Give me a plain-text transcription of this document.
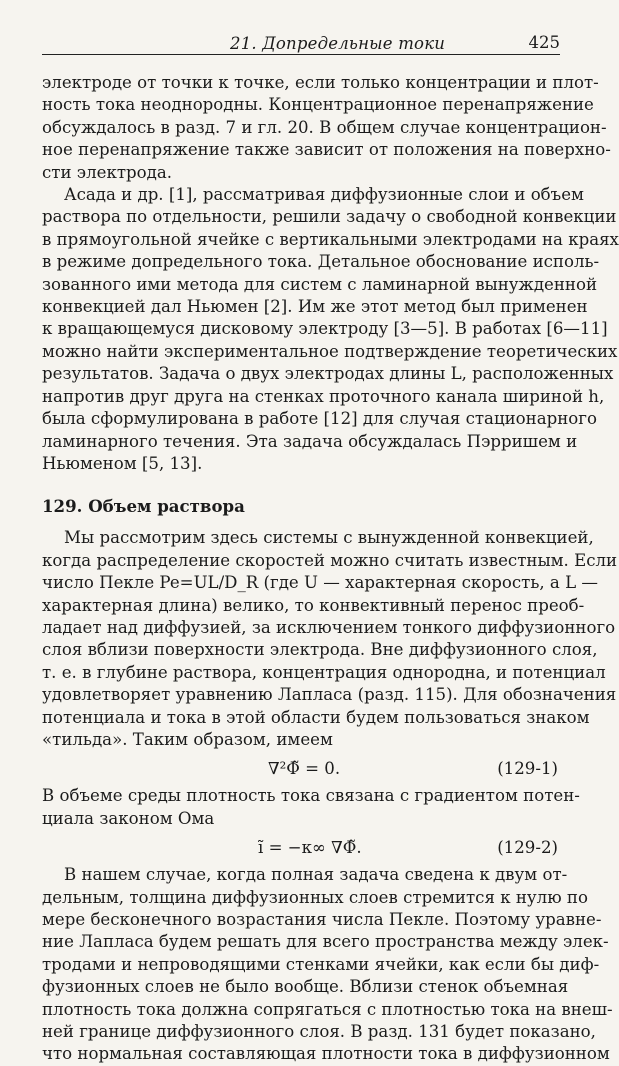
21. Допредельные токи	425
электроде от точки к точке, если только концентрации и плот-
ность тока неоднородны. Концентрационное перенапряжение
обсуждалось в разд. 7 и гл. 20. В общем случае концентрацион-
ное перенапряжение также зависит от положения на поверхно-
сти электрода.
Асада и др. [1], рассматривая диффузионные слои и объем
раствора по отдельности, решили задачу о свободной конвекции
в прямоугольной ячейке с вертикальными электродами на краях
в режиме допредельного тока. Детальное обоснование исполь-
зованного ими метода для систем с ламинарной вынужденной
конвекцией дал Ньюмен [2]. Им же этот метод был применен
к вращающемуся дисковому электроду [3—5]. В работах [6—11]
можно найти экспериментальное подтверждение теоретических
результатов. Задача о двух электродах длины L, расположенных
напротив друг друга на стенках проточного канала шириной h,
была сформулирована в работе [12] для случая стационарного
ламинарного течения. Эта задача обсуждалась Пэрришем и
Ньюменом [5, 13].
129. Объем раствора
Мы рассмотрим здесь системы с вынужденной конвекцией,
когда распределение скоростей можно считать известным. Если
число Пекле Pe=UL/D_R (где U — характерная скорость, а L —
характерная длина) велико, то конвективный перенос преоб-
ладает над диффузией, за исключением тонкого диффузионного
слоя вблизи поверхности электрода. Вне диффузионного слоя,
т. е. в глубине раствора, концентрация однородна, и потенциал
удовлетворяет уравнению Лапласа (разд. 115). Для обозначения
потенциала и тока в этой области будем пользоваться знаком
«тильда». Таким образом, имеем
∇²Φ̃ = 0.	(129-1)
В объеме среды плотность тока связана с градиентом потен-
циала законом Ома
ĩ = −κ∞ ∇Φ̃.	(129-2)
В нашем случае, когда полная задача сведена к двум от-
дельным, толщина диффузионных слоев стремится к нулю по
мере бесконечного возрастания числа Пекле. Поэтому уравне-
ние Лапласа будем решать для всего пространства между элек-
тродами и непроводящими стенками ячейки, как если бы диф-
фузионных слоев не было вообще. Вблизи стенок объемная
плотность тока должна сопрягаться с плотностью тока на внеш-
ней границе диффузионного слоя. В разд. 131 будет показано,
что нормальная составляющая плотности тока в диффузионном
